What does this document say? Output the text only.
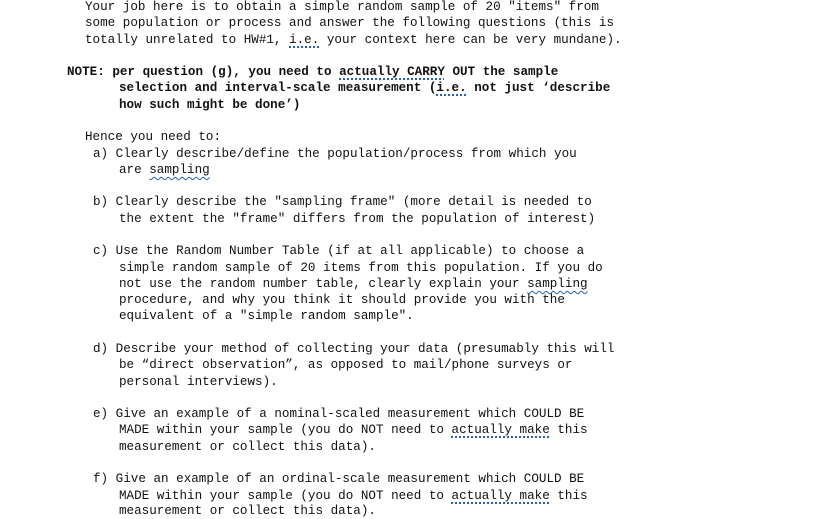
Your job here is to obtain a simple random sample of 20 "items" from
some population or process and answer the following questions (this is
totally unrelated to HW#1, i.e. your context here can be very mundane).
NOTE: per question (g), you need to actually CARRY OUT the sample
selection and interval-scale measurement (i.e. not just ‘describe
how such might be done’)
Hence you need to:
a) Clearly describe/define the population/process from which you
are sampling
b) Clearly describe the "sampling frame" (more detail is needed to
the extent the "frame" differs from the population of interest)
c) Use the Random Number Table (if at all applicable) to choose a
simple random sample of 20 items from this population. If you do
not use the random number table, clearly explain your sampling
procedure, and why you think it should provide you with the
equivalent of a "simple random sample".
d) Describe your method of collecting your data (presumably this will
be “direct observation”, as opposed to mail/phone surveys or
personal interviews).
e) Give an example of a nominal-scaled measurement which COULD BE
MADE within your sample (you do NOT need to actually make this
measurement or collect this data).
f) Give an example of an ordinal-scale measurement which COULD BE
MADE within your sample (you do NOT need to actually make this
measurement or collect this data).
